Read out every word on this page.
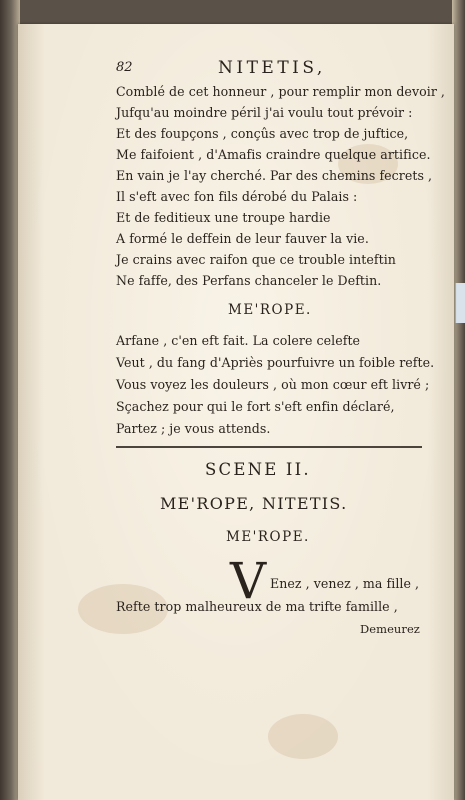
82	NITETIS,
Comblé de cet honneur , pour remplir mon devoir ,
Jufqu'au moindre péril j'ai voulu tout prévoir :
Et des foupçons , conçûs avec trop de juftice,
Me faifoient , d'Amafis craindre quelque artifice.
En vain je l'ay cherché. Par des chemins fecrets ,
Il s'eft avec fon fils dérobé du Palais :
Et de feditieux une troupe hardie
A formé le deffein de leur fauver la vie.
Je crains avec raifon que ce trouble inteftin
Ne faffe, des Perfans chanceler le Deftin.
ME'ROPE.
Arfane , c'en eft fait. La colere celefte
Veut , du fang d'Apriès pourfuivre un foible refte.
Vous voyez les douleurs , où mon cœur eft livré ;
Sçachez pour qui le fort s'eft enfin déclaré,
Partez ; je vous attends.
SCENE II.
ME'ROPE, NITETIS.
ME'ROPE.
V Enez , venez , ma fille ,
Refte trop malheureux de ma trifte famille ,
Demeurez
